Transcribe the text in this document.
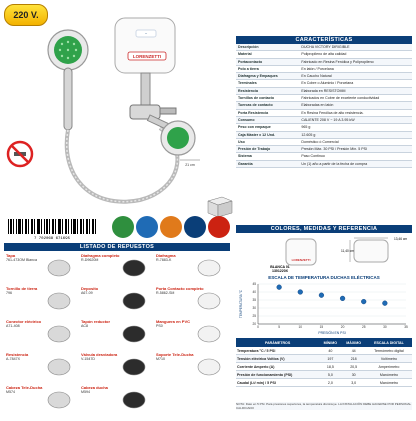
220 V.
~
LORENZETTI
21 cm
7 702068 671695
CARACTERÍSTICAS
Descripción	DUCHA VICTORY DIRIGIBLE
Material	Polipropileno de alta calidad
Portacontacto	Fabricado en Resina Fenólica y Polipropileno
Polo a tierra	En latón / Porcelana
Diafragma y Empaques	En Caucho Natural
Terminales	En Cobre o Aluminio / Porcelana
Resistencia	Elaborada en RESISTOMM
Tornillos de contacto	Fabricados en Cobre de excelente conductividad
Tuercas de contacto	Elaboradas en latón
Porta Resistencia	En Resina Fenólica de alto resistencia.
Consumo	CALIENTE 208 V ~ 19 A 3.95 kW
Peso con empaque	965 g
Caja Máster x 12 Und.	12.605 g
Uso	Doméstico ó Comercial
Presión de Trabajo	Presión Máx. 30 PSI / Presión Mín. 5 PSI
Sistema	Paso Continuo
Garantía	Un (1) año a partir de la fecha de compra
COLORES, MEDIDAS Y REFERENCIA
LORENZETTI
BLANCA 01
1301220X
13,46 cm
11,40 cm
LISTADO DE REPUESTOS
Tapa
761-473OM Blanca
Diafragma completo
R-D9620M
Diafragma
R-7883-K
Tornillo de tierra
796
Deposito
A67-09
Porta Contacto completo
R-5862-SM
Conector eléctrico
A71-408
Tapón reductor
AC8
Manguera en PVC
PS0
Resistencia
A-7847X
Válvula desviadora
V-1547D
Soporte Tele-Ducha
M710
Cabeza Tele-Ducha
M574
Cabeza ducha
M594
ESCALA DE TEMPERATURA DUCHAS ELÉCTRICAS
20
25
30
35
40
45
0	5	10	15	20	25	30	35
PRESIÓN EN PSI
TEMPERATURA °C
PARÁMETROS	MÍNIMO	MÁXIMO	ESCALA DIGITAL
Temperatura °C / 5 PSI	40	44	Termómetro digital
Tensión eléctrica Voltios (V)	197	218	Voltímetro
Corriente Amperio (A)	18,5	20,5	Amperímetro
Presión de funcionamiento (PSI)	5,0	30	Manómetro
Caudal (Lt/ min) / 5 PSI	2,0	3,0	Manómetro
NOTA: Dato en 5 PSI. Para presiones superiores, la temperatura disminuye. LA INSTALACIÓN DEBE HACERSE POR PERSONAL CALIFICADO
